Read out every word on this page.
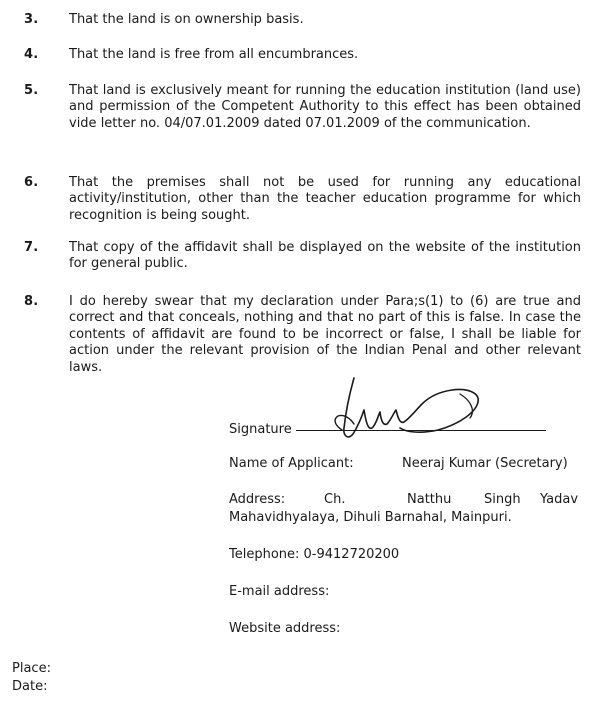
3. That the land is on ownership basis.
4. That the land is free from all encumbrances.
5. That land is exclusively meant for running the education institution (land use) and permission of the Competent Authority to this effect has been obtained vide letter no. 04/07.01.2009 dated 07.01.2009 of the communication.
6. That the premises shall not be used for running any educational activity/institution, other than the teacher education programme for which recognition is being sought.
7. That copy of the affidavit shall be displayed on the website of the institution for general public.
8. I do hereby swear that my declaration under Para;s(1) to (6) are true and correct and that conceals, nothing and that no part of this is false. In case the contents of affidavit are found to be incorrect or false, I shall be liable for action under the relevant provision of the Indian Penal and other relevant laws.
Signature
Name of Applicant:	Neeraj Kumar (Secretary)
Address:	Ch.	Natthu	Singh Yadav
Mahavidhyalaya, Dihuli Barnahal, Mainpuri.
Telephone: 0-9412720200
E-mail address:
Website address:
Place:
Date:
